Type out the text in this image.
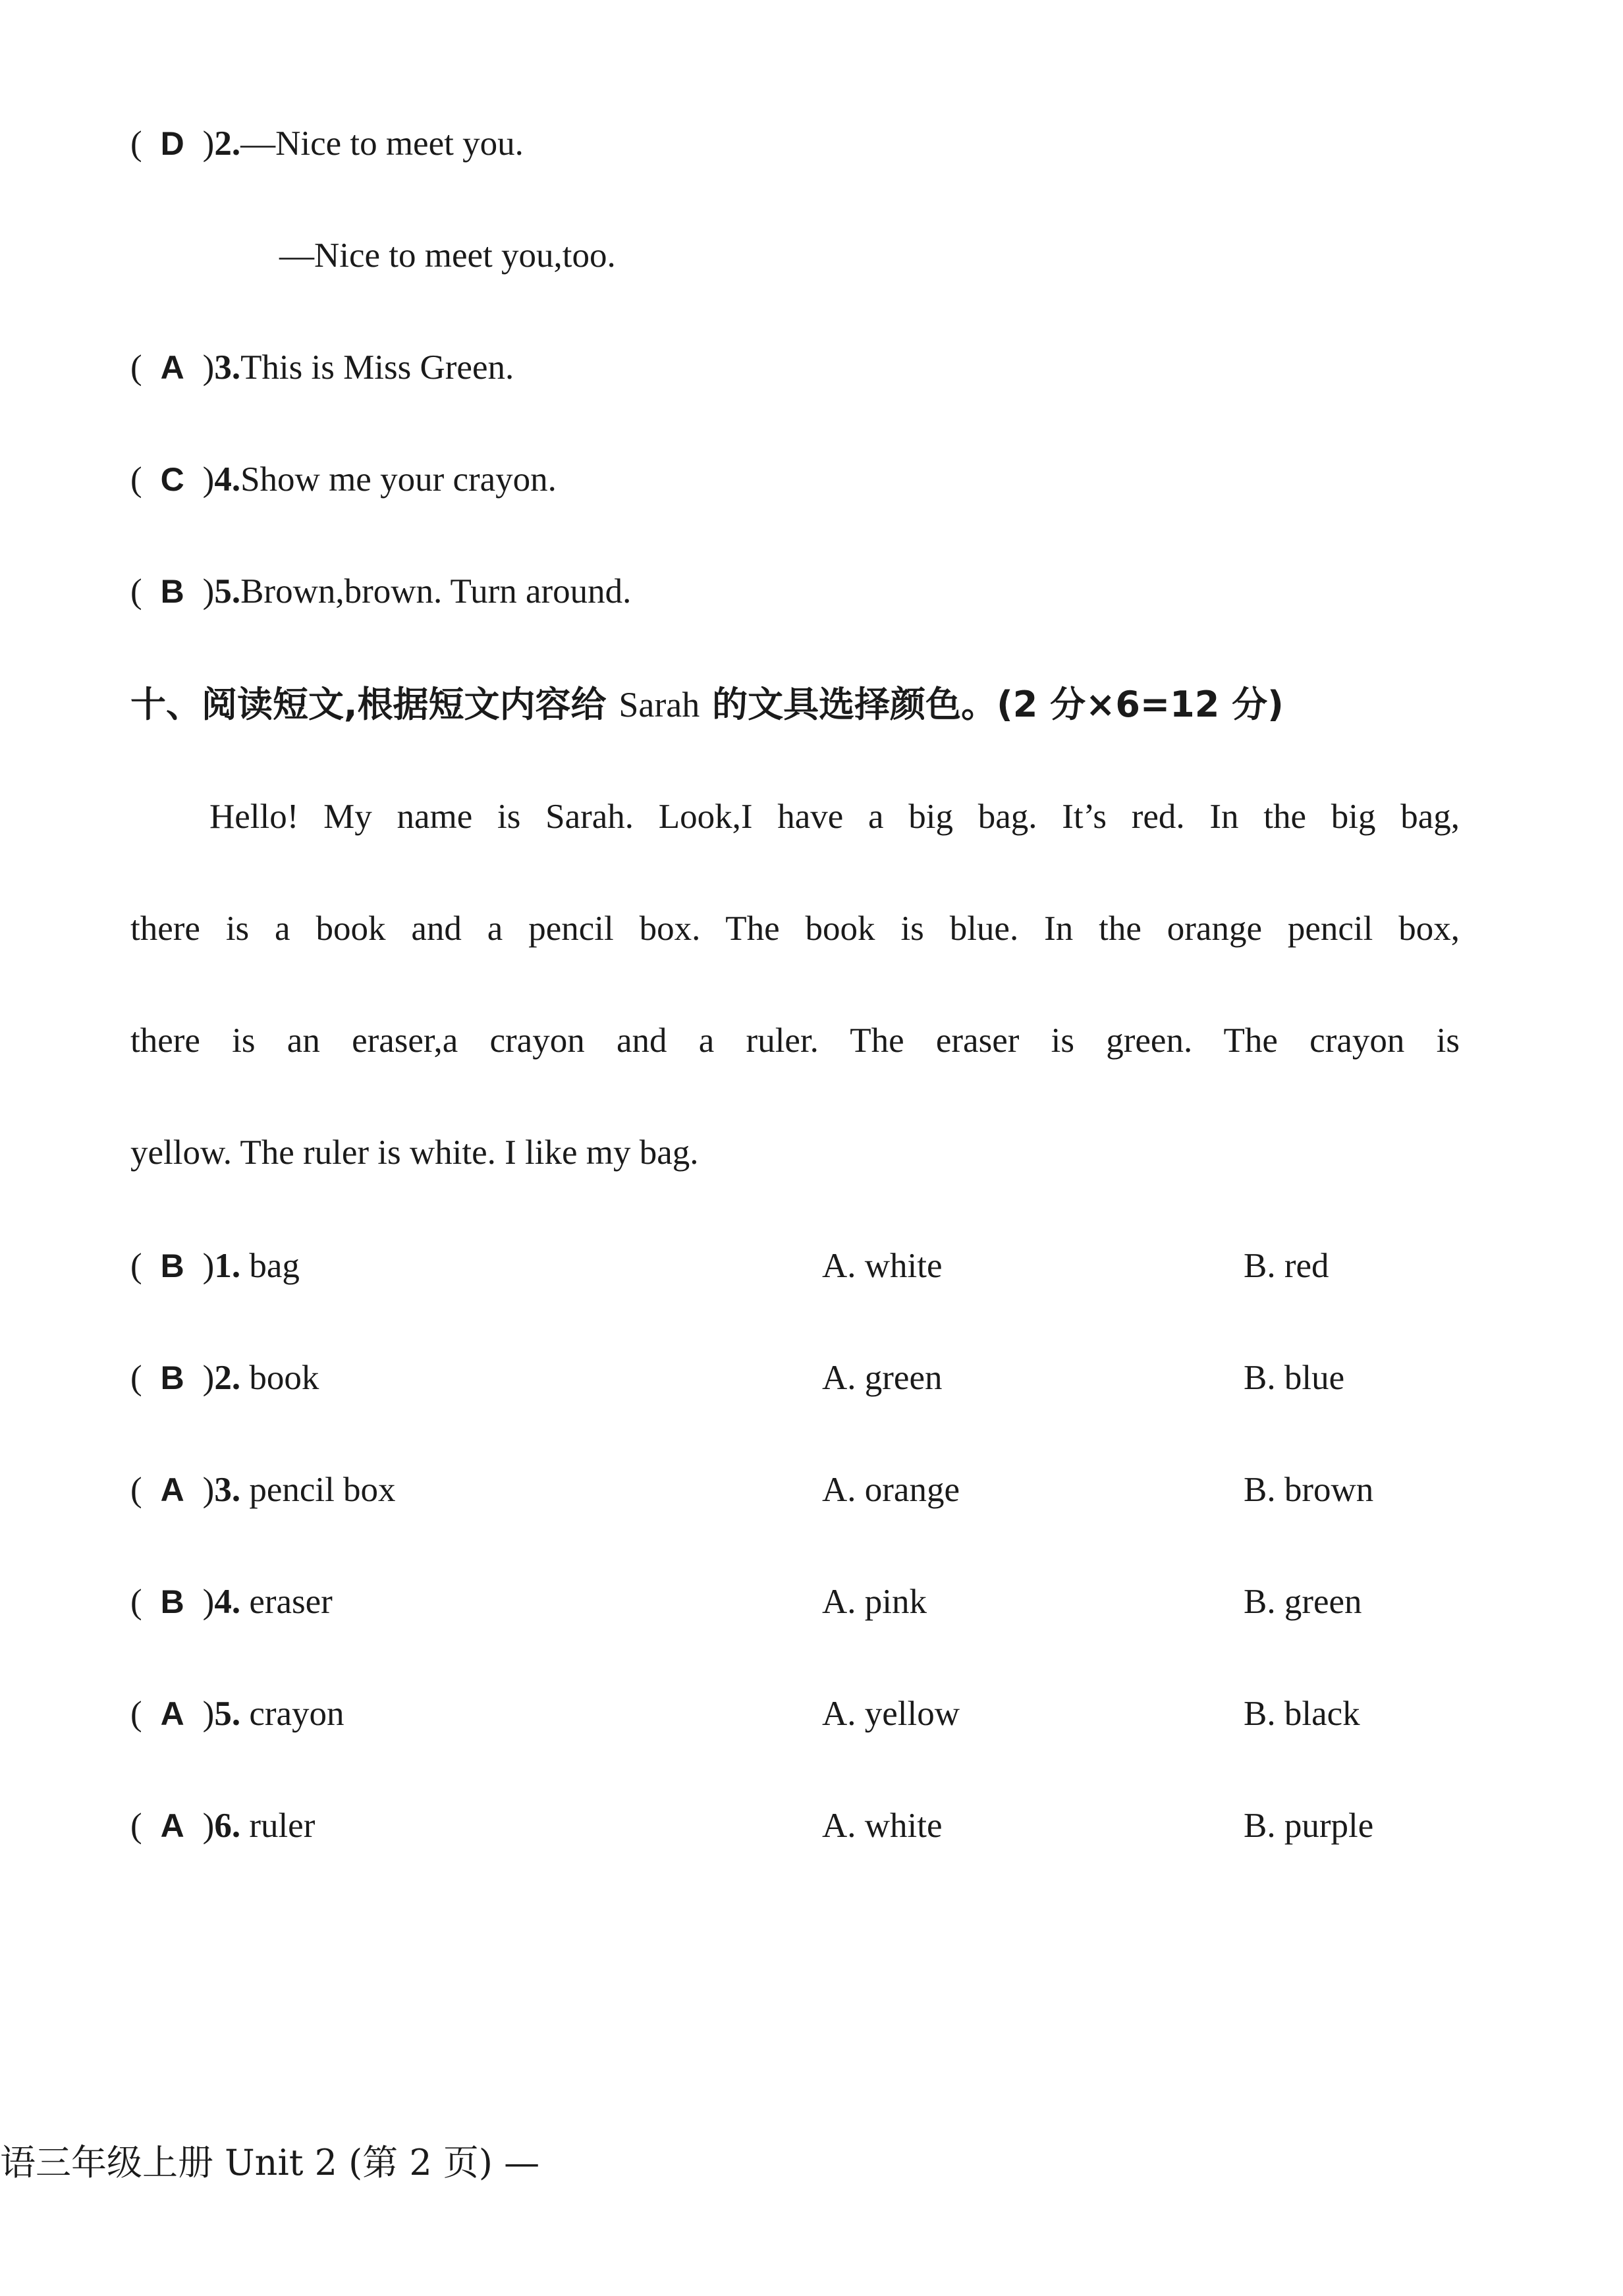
( D )2.—Nice to meet you.
—Nice to meet you,too.
( A )3.This is Miss Green.
( C )4.Show me your crayon.
( B )5.Brown,brown. Turn around.
十、阅读短文,根据短文内容给 Sarah 的文具选择颜色。(2 分×6=12 分)
Hello! My name is Sarah. Look,I have a big bag. It’s red. In the big bag,
there is a book and a pencil box. The book is blue. In the orange pencil box,
there is an eraser,a crayon and a ruler. The eraser is green. The crayon is
yellow. The ruler is white. I like my bag.
( B )1. bag	A. white	B. red
( B )2. book	A. green	B. blue
( A )3. pencil box	A. orange	B. brown
( B )4. eraser	A. pink	B. green
( A )5. crayon	A. yellow	B. black
( A )6. ruler	A. white	B. purple
语三年级上册 Unit 2 (第 2 页) —
